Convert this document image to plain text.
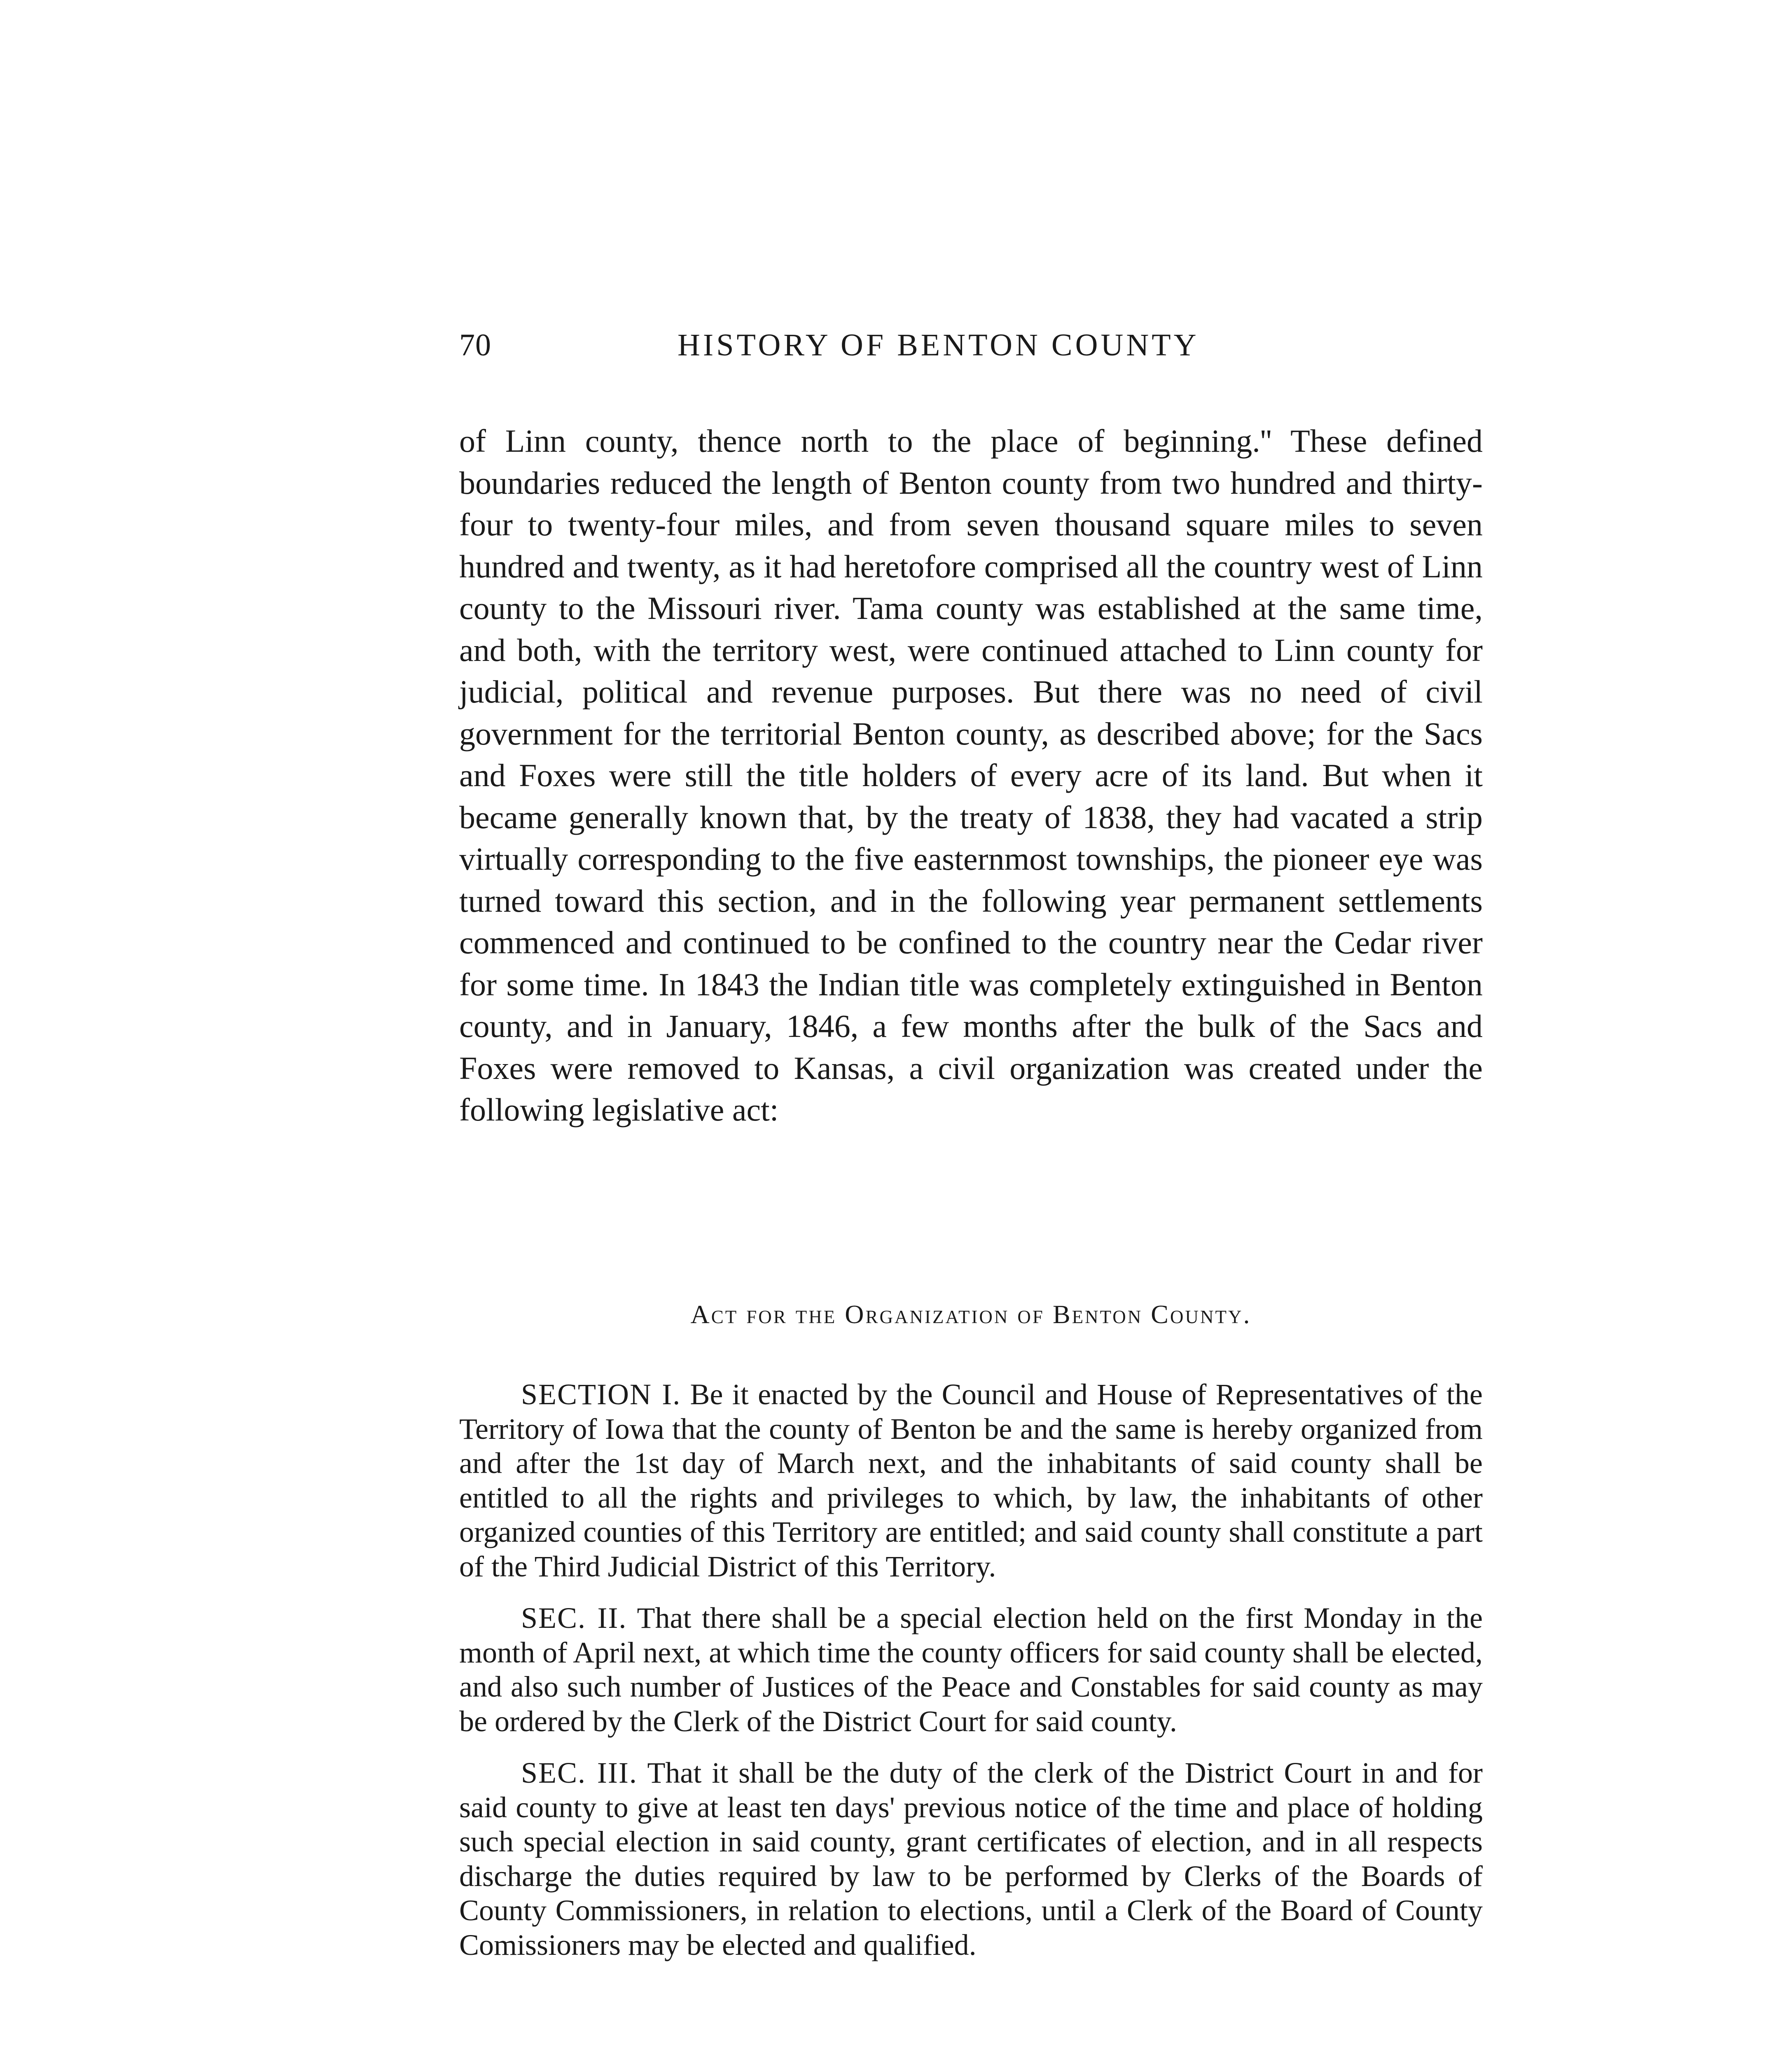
70	HISTORY OF BENTON COUNTY

of Linn county, thence north to the place of beginning.'' These defined boundaries reduced the length of Benton county from two hundred and thirty-four to twenty-four miles, and from seven thousand square miles to seven hundred and twenty, as it had heretofore comprised all the country west of Linn county to the Missouri river. Tama county was established at the same time, and both, with the territory west, were continued attached to Linn county for judicial, political and revenue purposes. But there was no need of civil government for the territorial Benton county, as described above; for the Sacs and Foxes were still the title holders of every acre of its land. But when it became generally known that, by the treaty of 1838, they had vacated a strip virtually corresponding to the five easternmost townships, the pioneer eye was turned toward this section, and in the following year permanent settlements commenced and continued to be confined to the country near the Cedar river for some time. In 1843 the Indian title was completely extinguished in Benton county, and in January, 1846, a few months after the bulk of the Sacs and Foxes were removed to Kansas, a civil organization was created under the following legislative act:

Act for the Organization of Benton County.

SECTION I. Be it enacted by the Council and House of Representatives of the Territory of Iowa that the county of Benton be and the same is hereby organized from and after the 1st day of March next, and the inhabitants of said county shall be entitled to all the rights and privileges to which, by law, the inhabitants of other organized counties of this Territory are entitled; and said county shall constitute a part of the Third Judicial District of this Territory.

SEC. II. That there shall be a special election held on the first Monday in the month of April next, at which time the county officers for said county shall be elected, and also such number of Justices of the Peace and Constables for said county as may be ordered by the Clerk of the District Court for said county.

SEC. III. That it shall be the duty of the clerk of the District Court in and for said county to give at least ten days' previous notice of the time and place of holding such special election in said county, grant certificates of election, and in all respects discharge the duties required by law to be performed by Clerks of the Boards of County Commissioners, in relation to elections, until a Clerk of the Board of County Comissioners may be elected and qualified.
